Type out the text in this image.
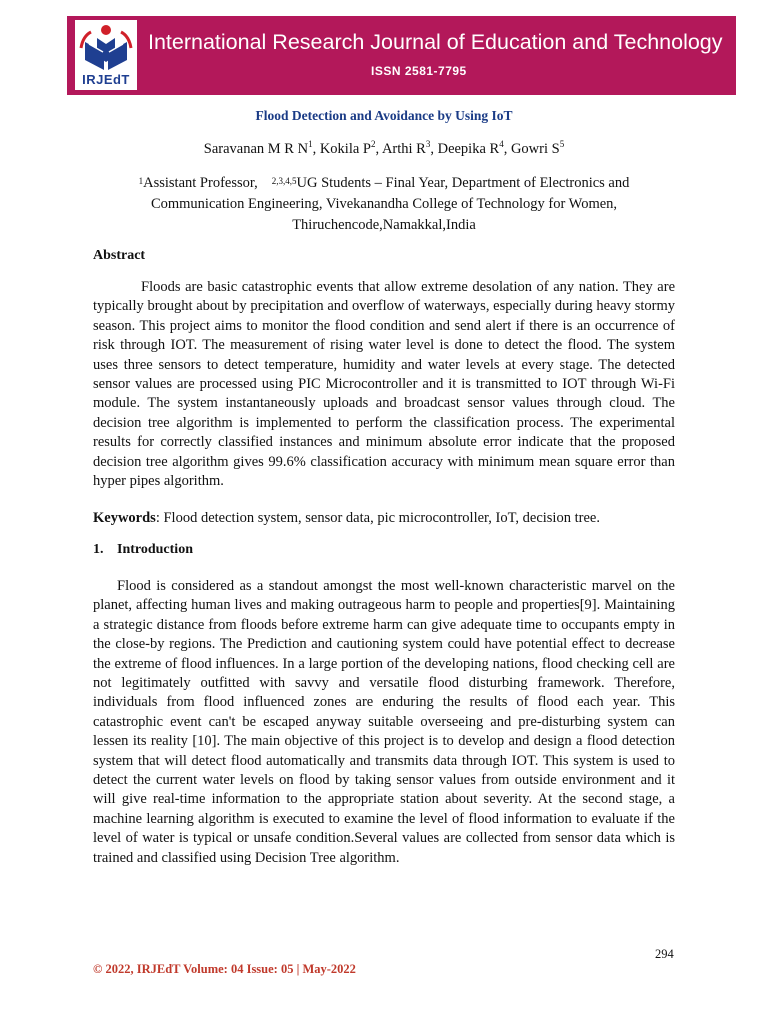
IRJEdT
International Research Journal of Education and Technology
ISSN 2581-7795
Flood Detection and Avoidance by Using IoT
Saravanan M R $N^1$, Kokila $P^2$, Arthi $R^3$, Deepika $R^4$, Gowri $S^5$
$^1$Assistant Professor, $^{2,3,4,5}$UG Students – Final Year, Department of Electronics and
Communication Engineering, Vivekanandha College of Technology for Women,
Thiruchencode,Namakkal,India
Abstract
Floods are basic catastrophic events that allow extreme desolation of any nation. They are typically brought about by precipitation and overflow of waterways, especially during heavy stormy season. This project aims to monitor the flood condition and send alert if there is an occurrence of risk through IOT. The measurement of rising water level is done to detect the flood. The system uses three sensors to detect temperature, humidity and water levels at every stage. The detected sensor values are processed using PIC Microcontroller and it is transmitted to IOT through Wi-Fi module. The system instantaneously uploads and broadcast sensor values through cloud. The decision tree algorithm is implemented to perform the classification process. The experimental results for correctly classified instances and minimum absolute error indicate that the proposed decision tree algorithm gives 99.6% classification accuracy with minimum mean square error than hyper pipes algorithm.
Keywords: Flood detection system, sensor data, pic microcontroller, IoT, decision tree.
1. Introduction
Flood is considered as a standout amongst the most well-known characteristic marvel on the planet, affecting human lives and making outrageous harm to people and properties[9]. Maintaining a strategic distance from floods before extreme harm can give adequate time to occupants empty in the close-by regions. The Prediction and cautioning system could have potential effect to decrease the extreme of flood influences. In a large portion of the developing nations, flood checking cell are not legitimately outfitted with savvy and versatile flood disturbing framework. Therefore, individuals from flood influenced zones are enduring the results of flood each year. This catastrophic event can't be escaped anyway suitable overseeing and pre-disturbing system can lessen its reality [10]. The main objective of this project is to develop and design a flood detection system that will detect flood automatically and transmits data through IOT. This system is used to detect the current water levels on flood by taking sensor values from outside environment and it will give real-time information to the appropriate station about severity. At the second stage, a machine learning algorithm is executed to examine the level of flood information to evaluate if the level of water is typical or unsafe condition.Several values are collected from sensor data which is trained and classified using Decision Tree algorithm.
294
© 2022, IRJEdT Volume: 04 Issue: 05 | May-2022
